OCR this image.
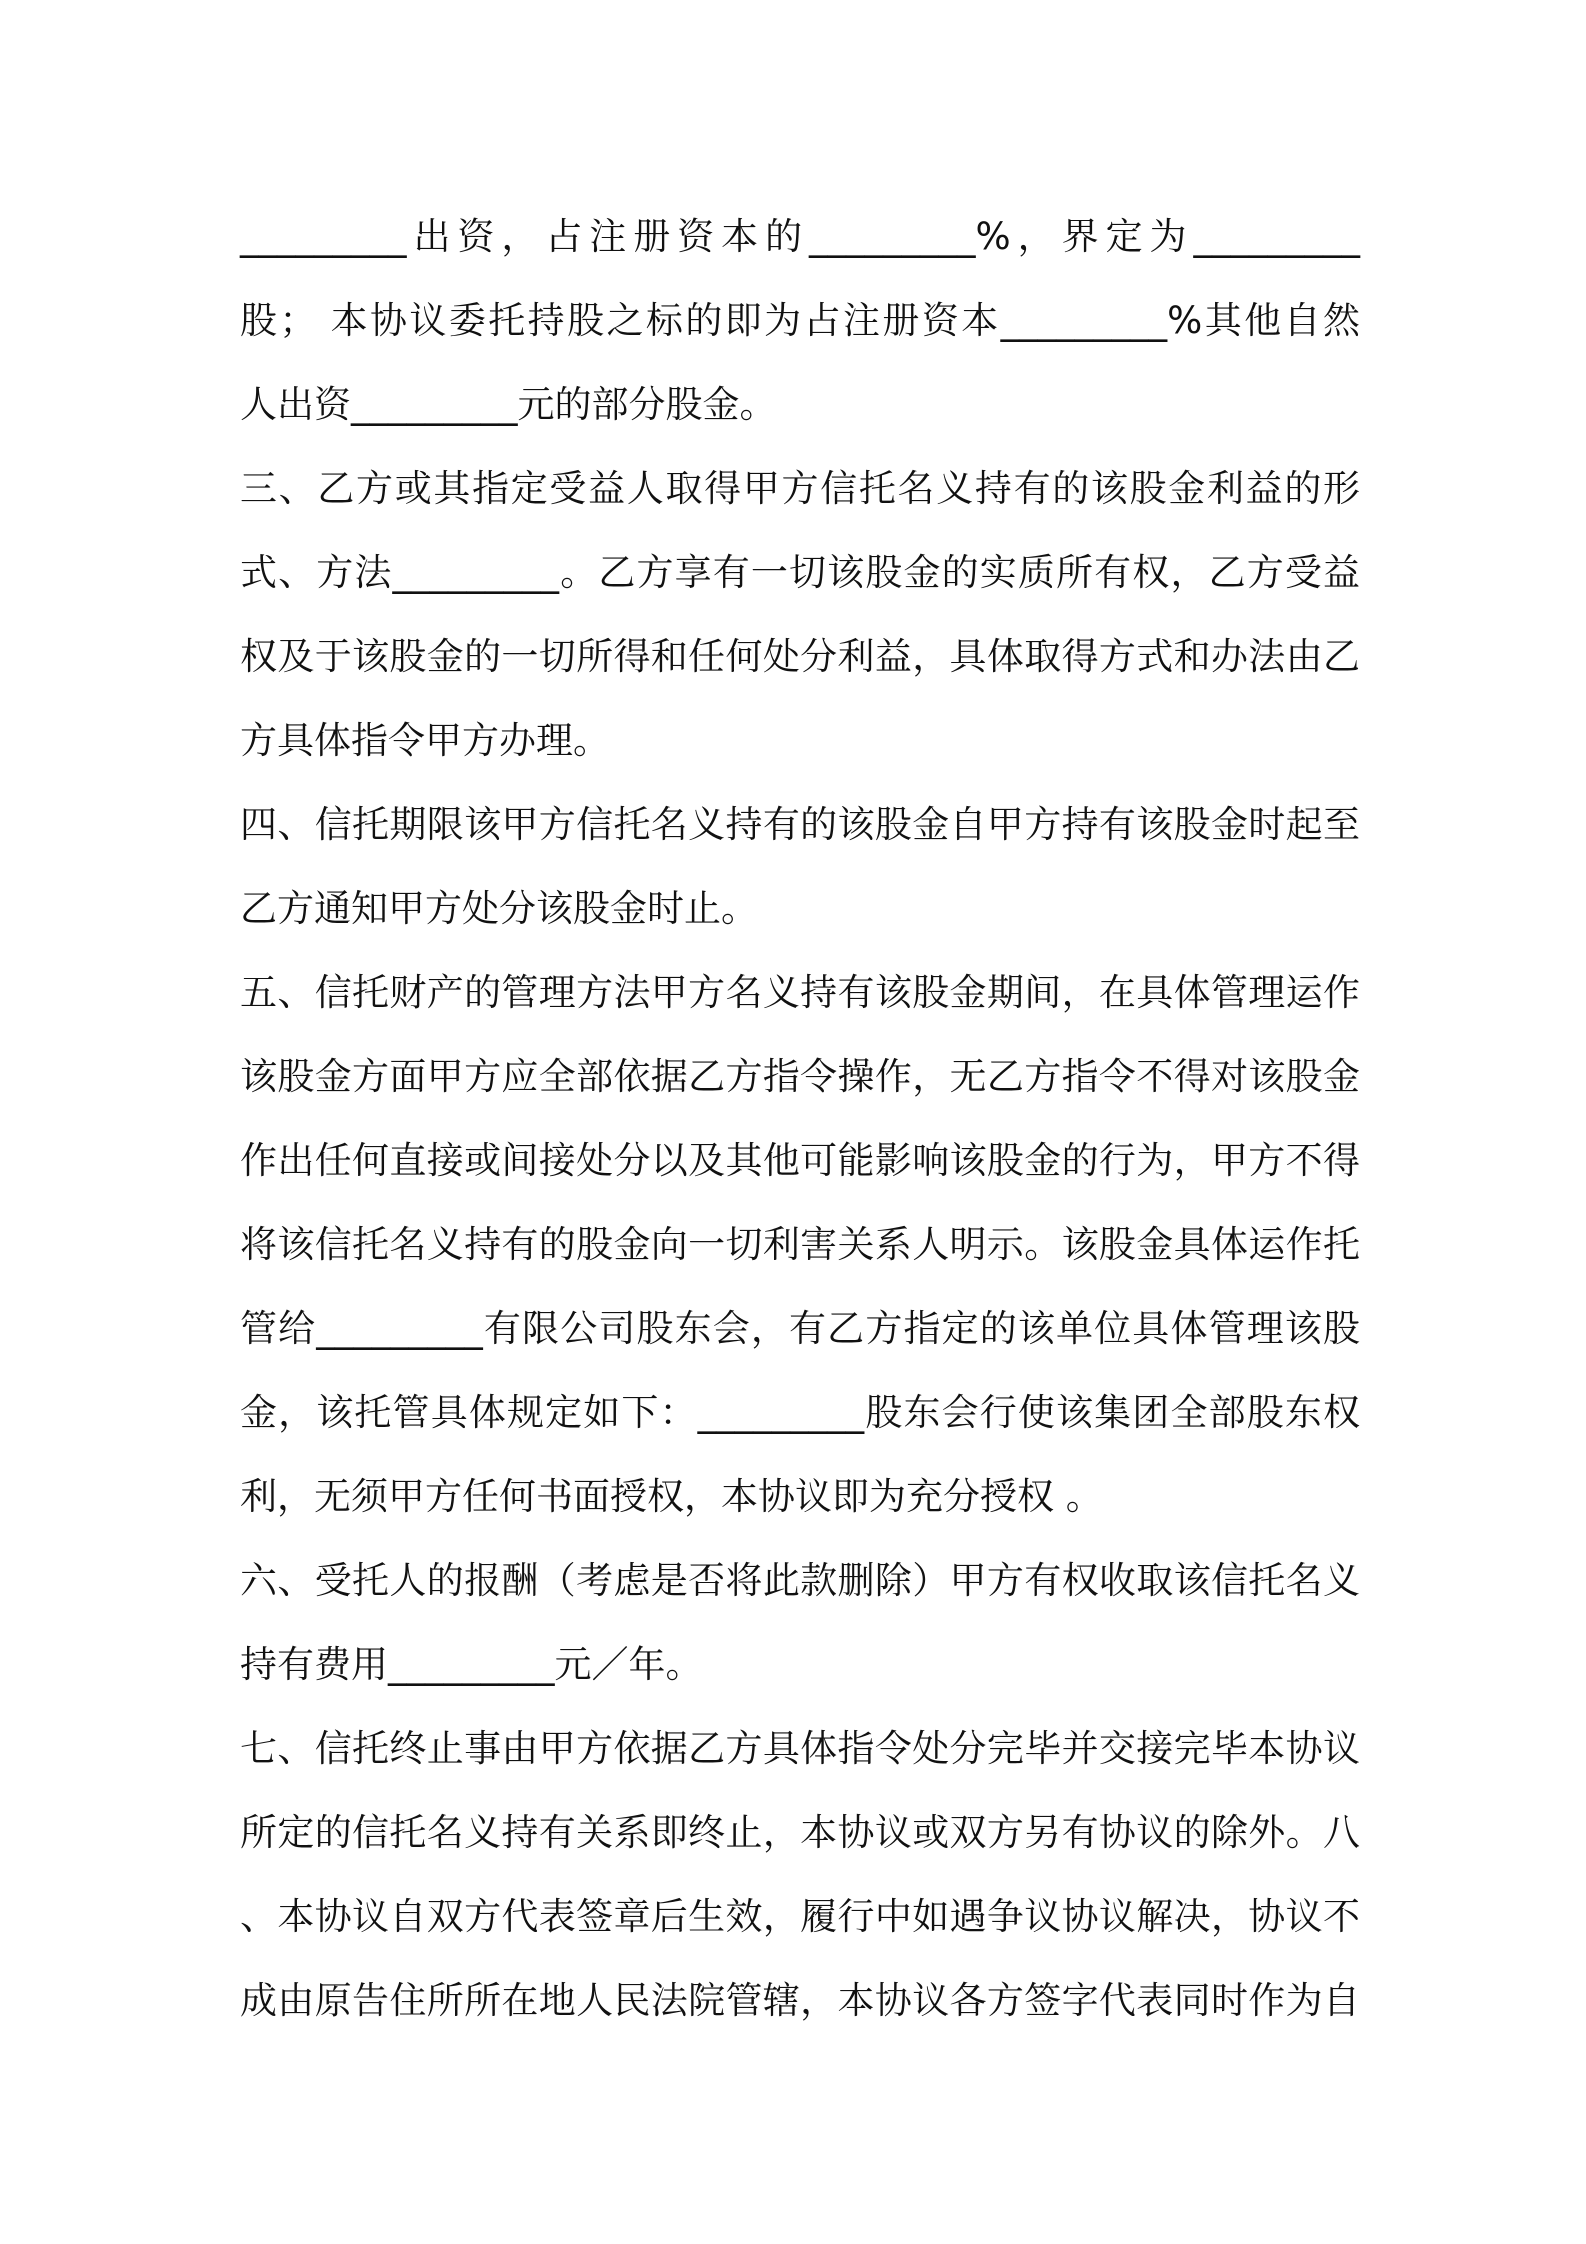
_________出资，占注册资本的_________%，界定为_________
股； 本协议委托持股之标的即为占注册资本_________%其他自然
人出资_________元的部分股金。
三、乙方或其指定受益人取得甲方信托名义持有的该股金利益的形
式、方法_________。乙方享有一切该股金的实质所有权，乙方受益
权及于该股金的一切所得和任何处分利益，具体取得方式和办法由乙
方具体指令甲方办理。
四、信托期限该甲方信托名义持有的该股金自甲方持有该股金时起至
乙方通知甲方处分该股金时止。
五、信托财产的管理方法甲方名义持有该股金期间，在具体管理运作
该股金方面甲方应全部依据乙方指令操作，无乙方指令不得对该股金
作出任何直接或间接处分以及其他可能影响该股金的行为，甲方不得
将该信托名义持有的股金向一切利害关系人明示。该股金具体运作托
管给_________有限公司股东会，有乙方指定的该单位具体管理该股
金，该托管具体规定如下：_________股东会行使该集团全部股东权
利，无须甲方任何书面授权，本协议即为充分授权 。
六、受托人的报酬（考虑是否将此款删除）甲方有权收取该信托名义
持有费用_________元／年。
七、信托终止事由甲方依据乙方具体指令处分完毕并交接完毕本协议
所定的信托名义持有关系即终止，本协议或双方另有协议的除外。八
、本协议自双方代表签章后生效，履行中如遇争议协议解决，协议不
成由原告住所所在地人民法院管辖，本协议各方签字代表同时作为自
